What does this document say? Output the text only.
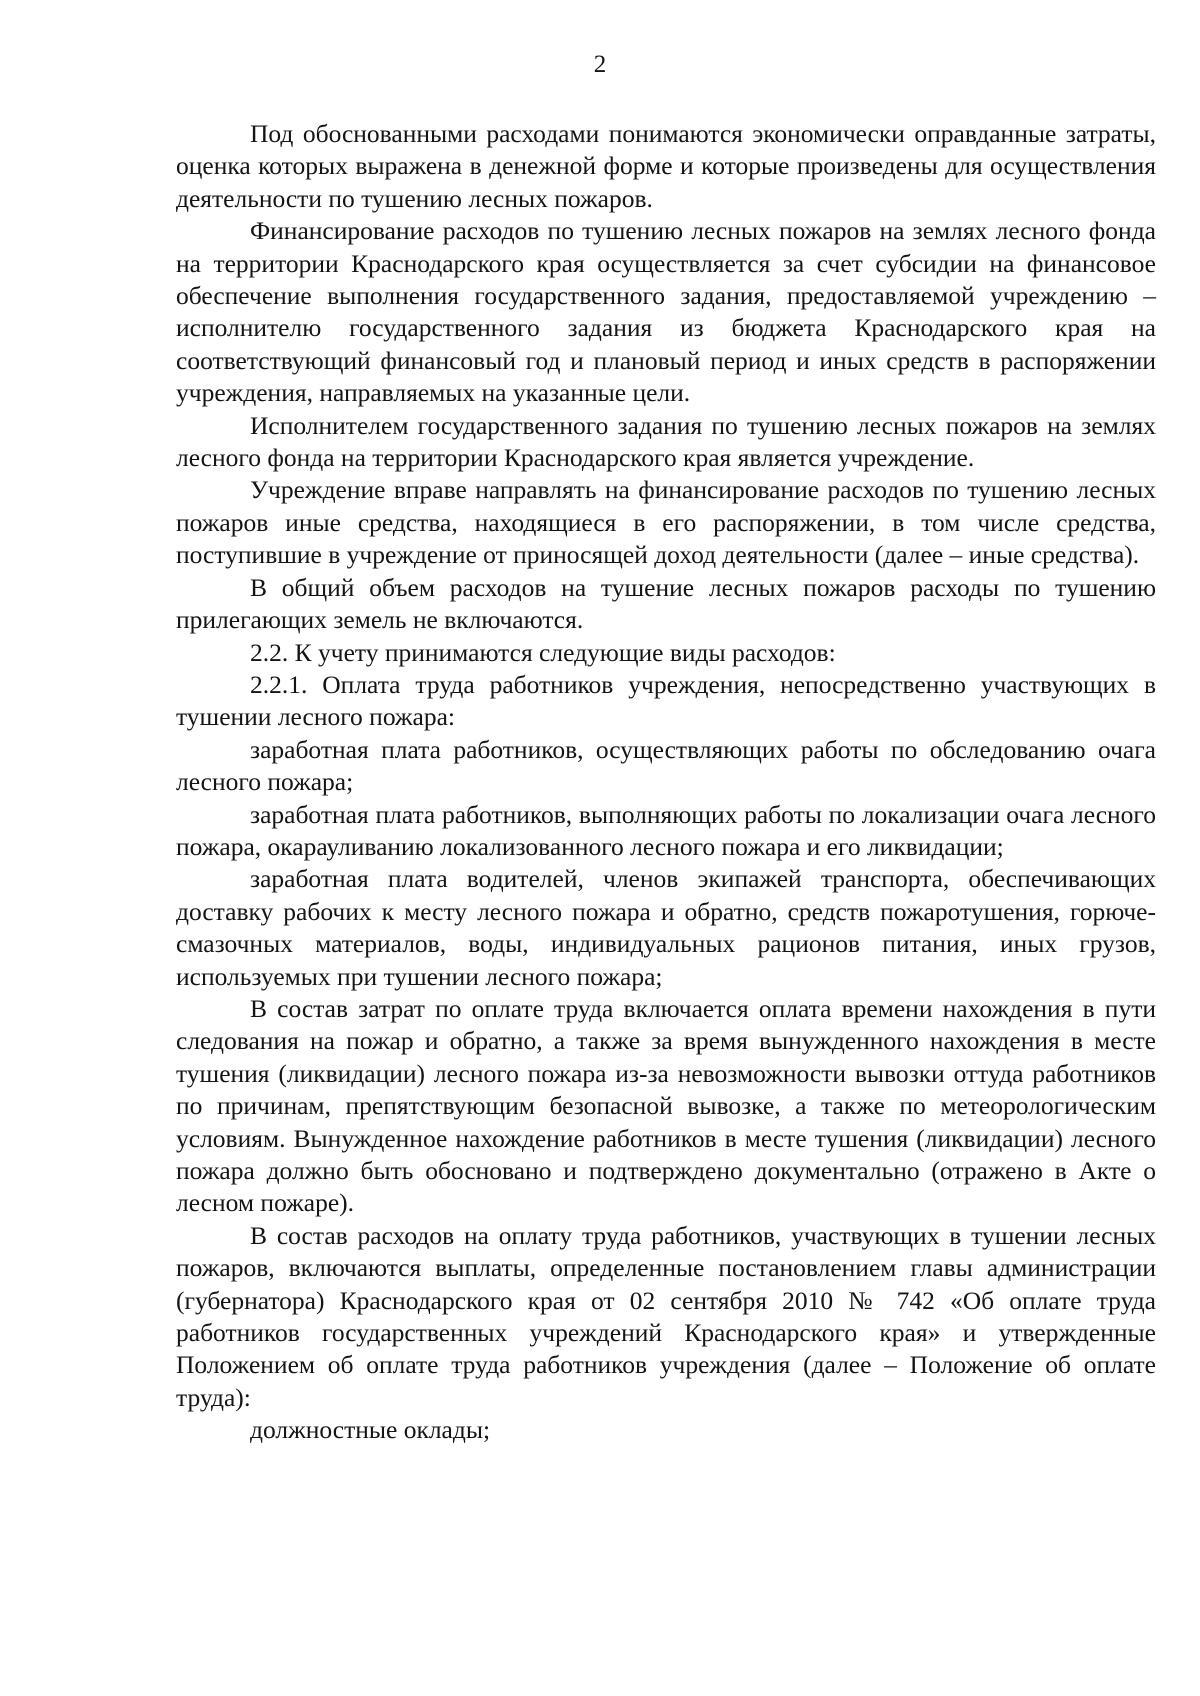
2

Под обоснованными расходами понимаются экономически оправданные затраты, оценка которых выражена в денежной форме и которые произведены для осуществления деятельности по тушению лесных пожаров.

Финансирование расходов по тушению лесных пожаров на землях лесного фонда на территории Краснодарского края осуществляется за счет субсидии на финансовое обеспечение выполнения государственного задания, предоставляемой учреждению – исполнителю государственного задания из бюджета Краснодарского края на соответствующий финансовый год и плановый период и иных средств в распоряжении учреждения, направляемых на указанные цели.

Исполнителем государственного задания по тушению лесных пожаров на землях лесного фонда на территории Краснодарского края является учреждение.

Учреждение вправе направлять на финансирование расходов по тушению лесных пожаров иные средства, находящиеся в его распоряжении, в том числе средства, поступившие в учреждение от приносящей доход деятельности (далее – иные средства).

В общий объем расходов на тушение лесных пожаров расходы по тушению прилегающих земель не включаются.

2.2. К учету принимаются следующие виды расходов:

2.2.1. Оплата труда работников учреждения, непосредственно участвующих в тушении лесного пожара:

заработная плата работников, осуществляющих работы по обследованию очага лесного пожара;

заработная плата работников, выполняющих работы по локализации очага лесного пожара, окарауливанию локализованного лесного пожара и его ликвидации;

заработная плата водителей, членов экипажей транспорта, обеспечивающих доставку рабочих к месту лесного пожара и обратно, средств пожаротушения, горюче-смазочных материалов, воды, индивидуальных рационов питания, иных грузов, используемых при тушении лесного пожара;

В состав затрат по оплате труда включается оплата времени нахождения в пути следования на пожар и обратно, а также за время вынужденного нахождения в месте тушения (ликвидации) лесного пожара из-за невозможности вывозки оттуда работников по причинам, препятствующим безопасной вывозке, а также по метеорологическим условиям. Вынужденное нахождение работников в месте тушения (ликвидации) лесного пожара должно быть обосновано и подтверждено документально (отражено в Акте о лесном пожаре).

В состав расходов на оплату труда работников, участвующих в тушении лесных пожаров, включаются выплаты, определенные постановлением главы администрации (губернатора) Краснодарского края от 02 сентября 2010 № 742 «Об оплате труда работников государственных учреждений Краснодарского края» и утвержденные Положением об оплате труда работников учреждения (далее – Положение об оплате труда):

должностные оклады;
